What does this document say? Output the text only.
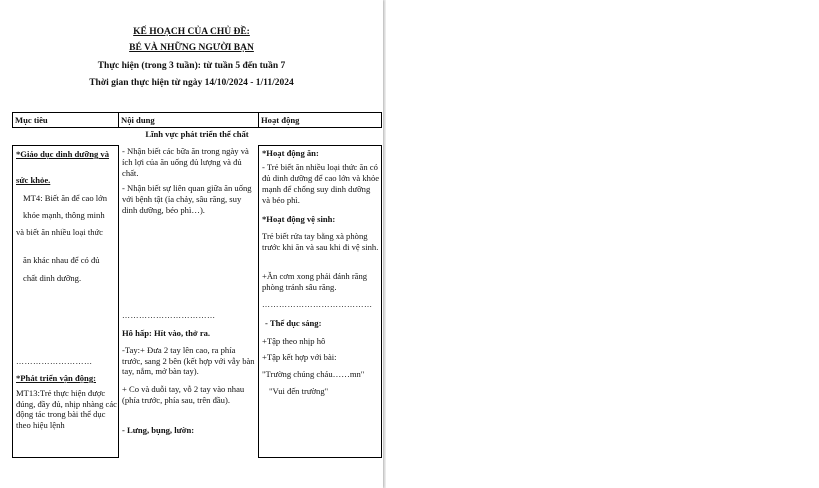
KẾ HOẠCH CỦA CHỦ ĐỀ:
BÉ VÀ NHỮNG NGƯỜI BẠN
Thực hiện (trong 3 tuần): từ tuần 5 đến tuần 7
Thời gian thực hiện từ ngày 14/10/2024 - 1/11/2024
Mục tiêu	Nội dung	Hoạt động
Lĩnh vực phát triển thể chất
*Giáo dục dinh dưỡng và
sức khỏe.
MT4: Biết ăn để cao lớn
khỏe mạnh, thông minh
và biết ăn nhiều loại thức
ăn khác nhau để có đủ
chất dinh dưỡng.
………………………
*Phát triển vận động:
MT13:Trẻ thực hiện được đúng, đầy đủ, nhịp nhàng các động tác trong bài thể dục theo hiệu lệnh
- Nhận biết các bữa ăn trong ngày và ích lợi của ăn uống đủ lượng và đủ chất.
- Nhận biết sự liên quan giữa ăn uống với bệnh tật (ỉa chảy, sâu răng, suy dinh dưỡng, béo phì…).
……………………………
Hô hấp: Hít vào, thở ra.
-Tay:+ Đưa 2 tay lên cao, ra phía trước, sang 2 bên (kết hợp với vẫy bàn tay, nắm, mở bàn tay).
+ Co và duỗi tay, vỗ 2 tay vào nhau (phía trước, phía sau, trên đầu).
- Lưng, bụng, lườn:
*Hoạt động ăn:
- Trẻ biết ăn nhiều loại thức ăn có đủ dinh dưỡng để cao lớn và khỏe mạnh để chống suy dinh dưỡng và béo phì.
*Hoạt động vệ sinh:
Trẻ biết rửa tay bằng xà phòng trước khi ăn và sau khi đi vệ sinh.
+Ăn cơm xong phải đánh răng phòng tránh sâu răng.
…………………………………
- Thể dục sáng:
+Tập theo nhịp hô
+Tập kết hợp với bài:
"Trường chúng cháu……mn"
"Vui đến trường"
